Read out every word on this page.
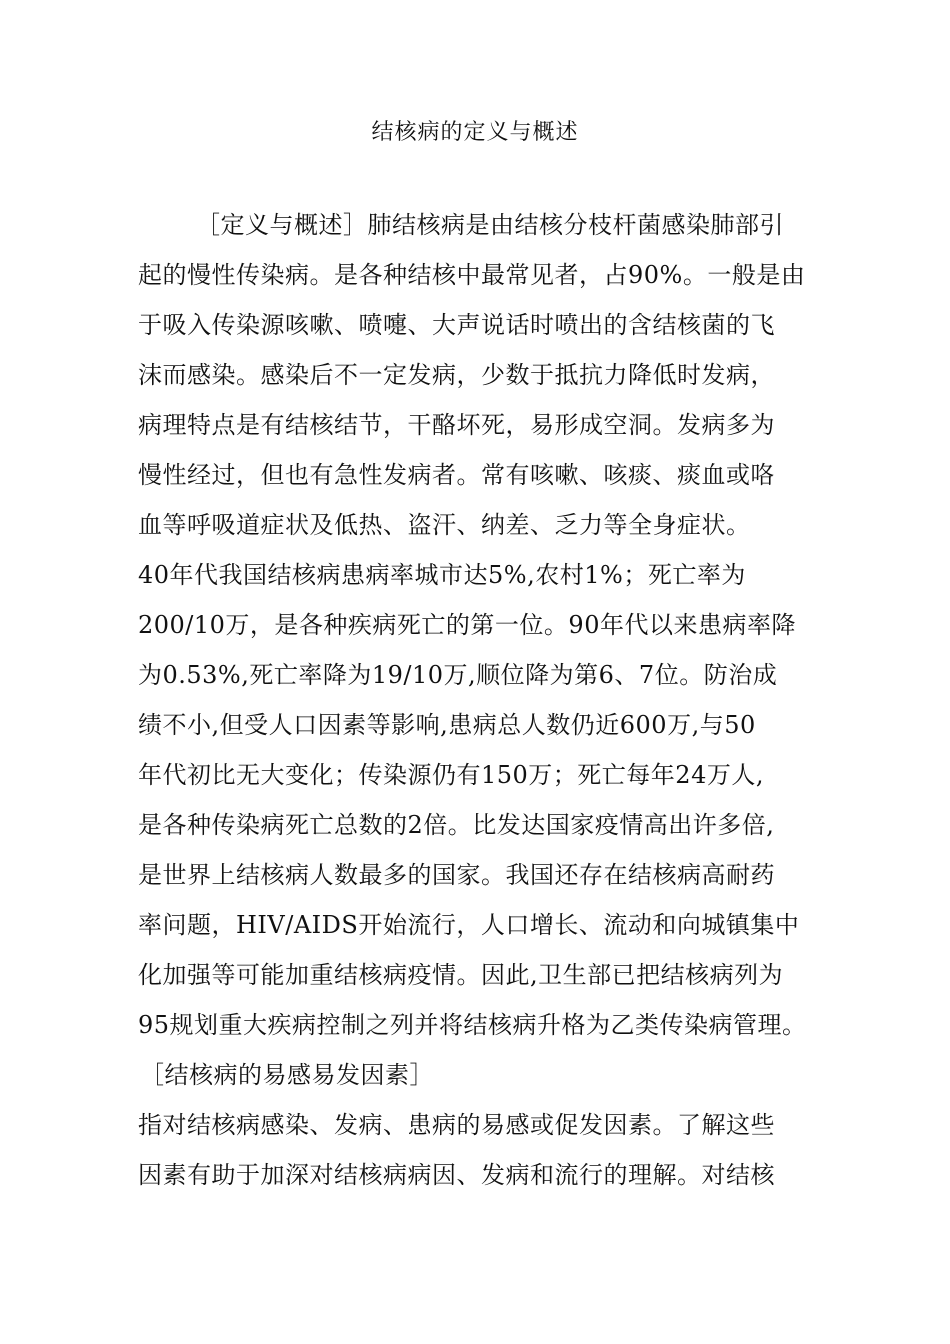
结核病的定义与概述
［定义与概述］肺结核病是由结核分枝杆菌感染肺部引
起的慢性传染病。是各种结核中最常见者，占90%。一般是由
于吸入传染源咳嗽、喷嚏、大声说话时喷出的含结核菌的飞
沫而感染。感染后不一定发病，少数于抵抗力降低时发病，
病理特点是有结核结节，干酪坏死，易形成空洞。发病多为
慢性经过，但也有急性发病者。常有咳嗽、咳痰、痰血或咯
血等呼吸道症状及低热、盗汗、纳差、乏力等全身症状。
40年代我国结核病患病率城市达5%,农村1%；死亡率为
200/10万，是各种疾病死亡的第一位。90年代以来患病率降
为0.53%,死亡率降为19/10万,顺位降为第6、7位。防治成
绩不小,但受人口因素等影响,患病总人数仍近600万,与50
年代初比无大变化；传染源仍有150万；死亡每年24万人,
是各种传染病死亡总数的2倍。比发达国家疫情高出许多倍,
是世界上结核病人数最多的国家。我国还存在结核病高耐药
率问题，HIV/AIDS开始流行，人口增长、流动和向城镇集中
化加强等可能加重结核病疫情。因此,卫生部已把结核病列为
95规划重大疾病控制之列并将结核病升格为乙类传染病管理。
［结核病的易感易发因素］
指对结核病感染、发病、患病的易感或促发因素。了解这些
因素有助于加深对结核病病因、发病和流行的理解。对结核
